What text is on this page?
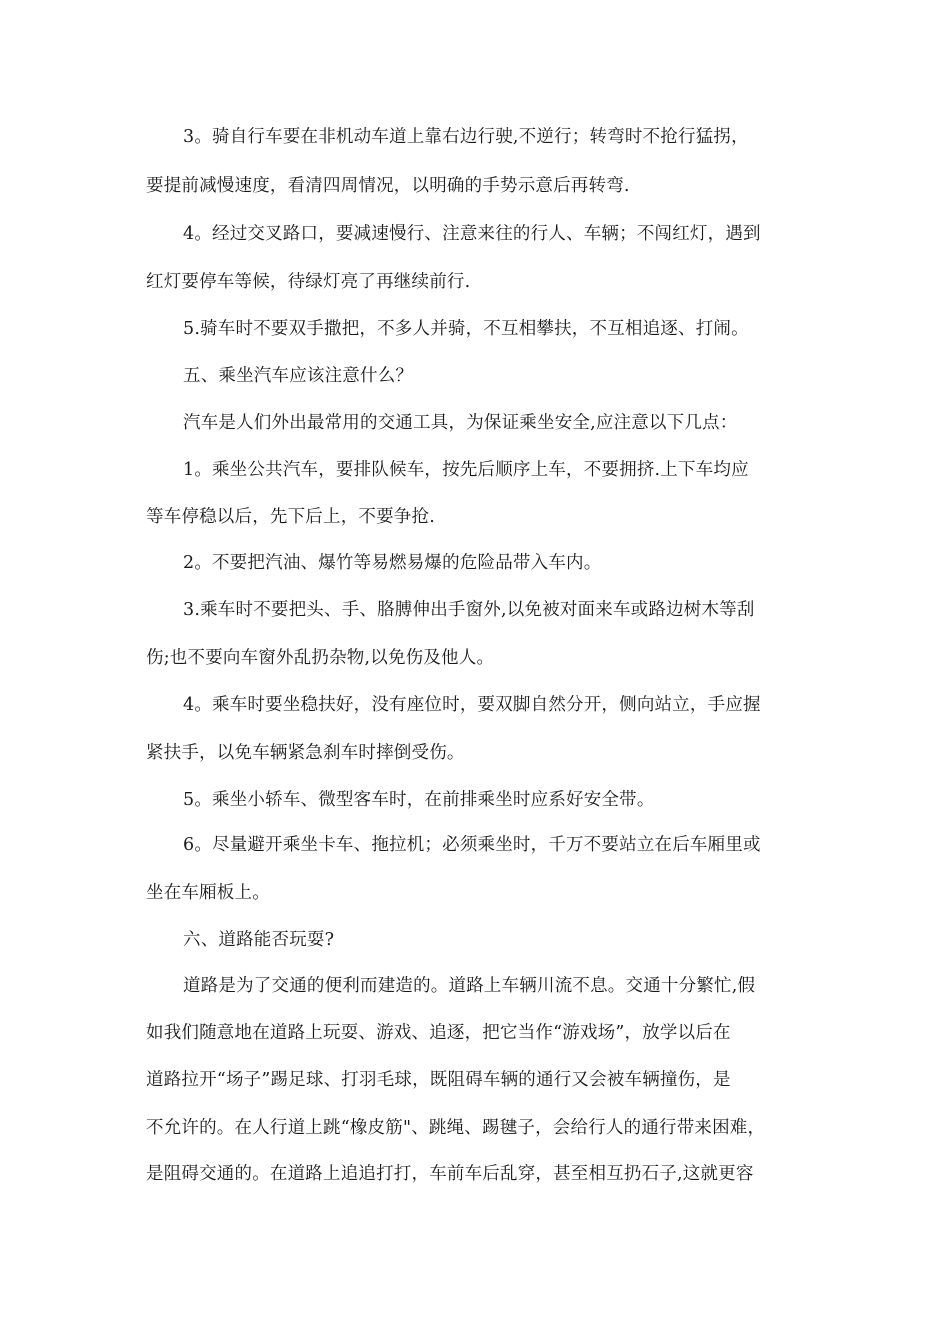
3。骑自行车要在非机动车道上靠右边行驶,不逆行；转弯时不抢行猛拐，
要提前减慢速度，看清四周情况，以明确的手势示意后再转弯.
4。经过交叉路口，要减速慢行、注意来往的行人、车辆；不闯红灯，遇到
红灯要停车等候，待绿灯亮了再继续前行.
5.骑车时不要双手撒把，不多人并骑，不互相攀扶，不互相追逐、打闹。
五、乘坐汽车应该注意什么？
汽车是人们外出最常用的交通工具，为保证乘坐安全,应注意以下几点：
1。乘坐公共汽车，要排队候车，按先后顺序上车，不要拥挤.上下车均应
等车停稳以后，先下后上，不要争抢.
2。不要把汽油、爆竹等易燃易爆的危险品带入车内。
3.乘车时不要把头、手、胳膊伸出手窗外,以免被对面来车或路边树木等刮
伤;也不要向车窗外乱扔杂物,以免伤及他人。
4。乘车时要坐稳扶好，没有座位时，要双脚自然分开，侧向站立，手应握
紧扶手，以免车辆紧急刹车时摔倒受伤。
5。乘坐小轿车、微型客车时，在前排乘坐时应系好安全带。
6。尽量避开乘坐卡车、拖拉机；必须乘坐时，千万不要站立在后车厢里或
坐在车厢板上。
六、道路能否玩耍?
道路是为了交通的便利而建造的。道路上车辆川流不息。交通十分繁忙,假
如我们随意地在道路上玩耍、游戏、追逐，把它当作“游戏场”，放学以后在
道路拉开“场子”踢足球、打羽毛球，既阻碍车辆的通行又会被车辆撞伤，是
不允许的。在人行道上跳“橡皮筋"、跳绳、踢毽子，会给行人的通行带来困难，
是阻碍交通的。在道路上追追打打，车前车后乱穿，甚至相互扔石子,这就更容
